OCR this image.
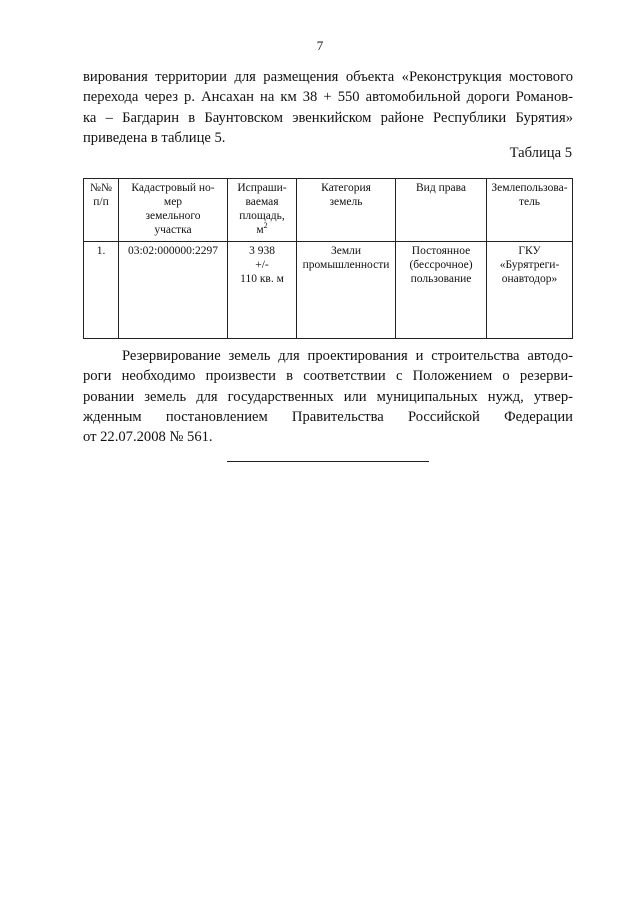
7
вирования территории для размещения объекта «Реконструкция мостового
перехода через р. Ансахан на км 38 + 550 автомобильной дороги Романов-
ка – Багдарин в Баунтовском эвенкийском районе Республики Бурятия»
приведена в таблице 5.
Таблица 5
№№
п/п	Кадастровый но-
мер
земельного
участка	Испраши-
ваемая
площадь,
$м^2$	Категория
земель	Вид права	Землепользова-
тель

1.	03:02:000000:2297	3 938
+/-
110 кв. м	Земли
промышленности	Постоянное
(бессрочное)
пользование	ГКУ «Бурятреги-
онавтодор»
Резервирование земель для проектирования и строительства автодо-
роги необходимо произвести в соответствии с Положением о резерви-
ровании земель для государственных или муниципальных нужд, утвер-
жденным постановлением Правительства Российской Федерации
от 22.07.2008 № 561.
